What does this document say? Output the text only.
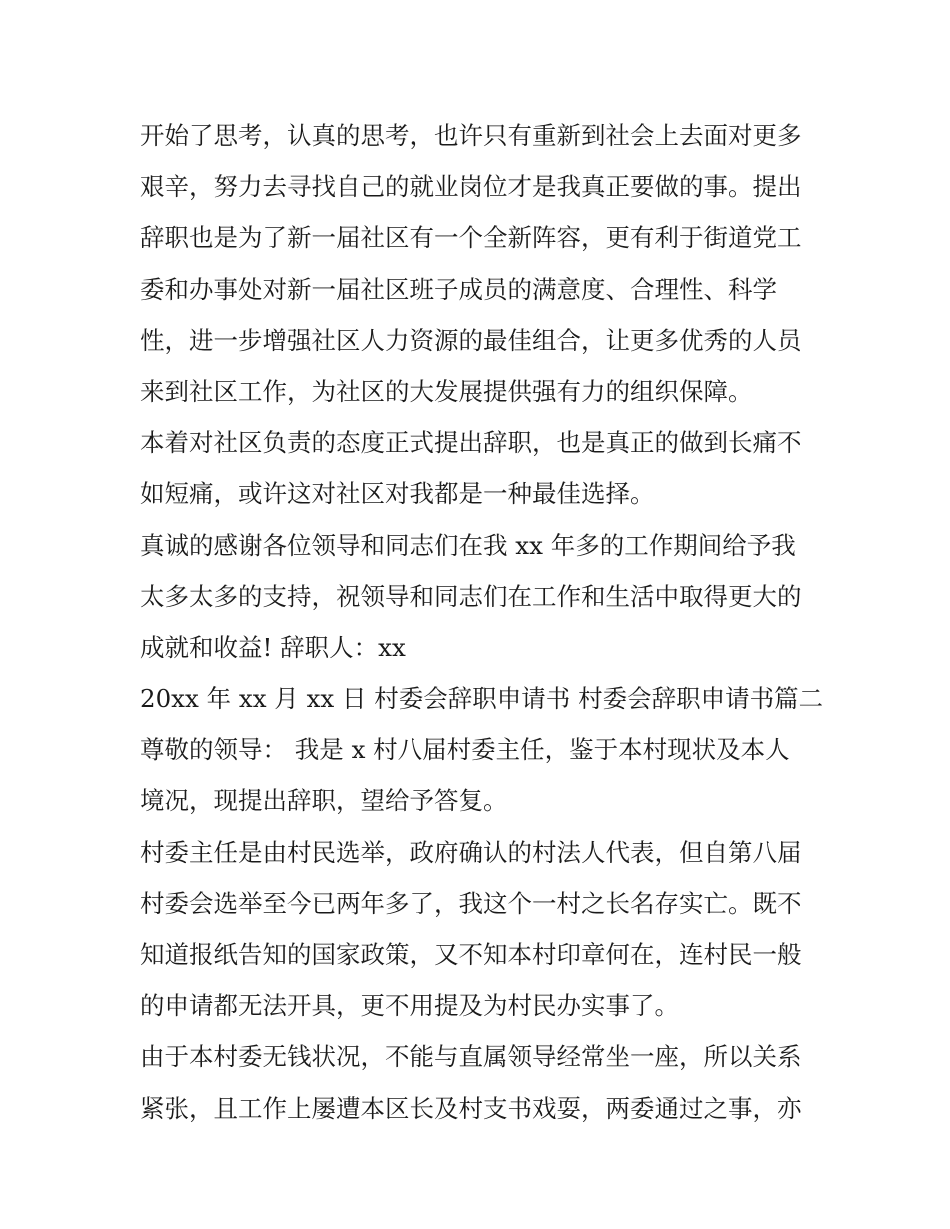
开始了思考，认真的思考，也许只有重新到社会上去面对更多
艰辛，努力去寻找自己的就业岗位才是我真正要做的事。提出
辞职也是为了新一届社区有一个全新阵容，更有利于街道党工
委和办事处对新一届社区班子成员的满意度、合理性、科学
性，进一步增强社区人力资源的最佳组合，让更多优秀的人员
来到社区工作，为社区的大发展提供强有力的组织保障。
本着对社区负责的态度正式提出辞职，也是真正的做到长痛不
如短痛，或许这对社区对我都是一种最佳选择。
真诚的感谢各位领导和同志们在我 xx 年多的工作期间给予我
太多太多的支持，祝领导和同志们在工作和生活中取得更大的
成就和收益! 辞职人：xx
20xx 年 xx 月 xx 日 村委会辞职申请书 村委会辞职申请书篇二
尊敬的领导： 我是 x 村八届村委主任，鉴于本村现状及本人
境况，现提出辞职，望给予答复。
村委主任是由村民选举，政府确认的村法人代表，但自第八届
村委会选举至今已两年多了，我这个一村之长名存实亡。既不
知道报纸告知的国家政策，又不知本村印章何在，连村民一般
的申请都无法开具，更不用提及为村民办实事了。
由于本村委无钱状况，不能与直属领导经常坐一座，所以关系
紧张，且工作上屡遭本区长及村支书戏耍，两委通过之事，亦
